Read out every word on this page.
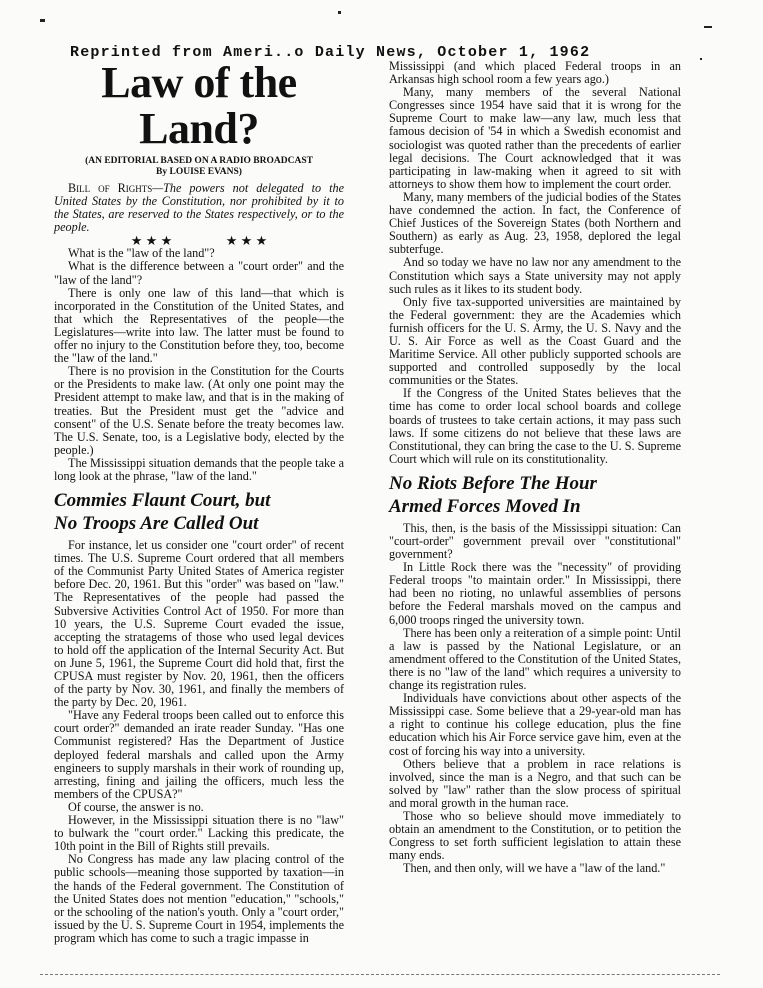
Reprinted from Ameri..o Daily News, October 1, 1962
Law of the Land?
(AN EDITORIAL BASED ON A RADIO BROADCAST
By LOUISE EVANS)

Bill of Rights—The powers not delegated to the United States by the Constitution, nor prohibited by it to the States, are reserved to the States respectively, or to the people.

★ ★ ★	★ ★ ★

What is the "law of the land"?

What is the difference between a "court order" and the "law of the land"?

There is only one law of this land—that which is incorporated in the Constitution of the United States, and that which the Representatives of the people—the Legislatures—write into law. The latter must be found to offer no injury to the Constitution before they, too, become the "law of the land."

There is no provision in the Constitution for the Courts or the Presidents to make law. (At only one point may the President attempt to make law, and that is in the making of treaties. But the President must get the "advice and consent" of the U.S. Senate before the treaty becomes law. The U.S. Senate, too, is a Legislative body, elected by the people.)

The Mississippi situation demands that the people take a long look at the phrase, "law of the land."

Commies Flaunt Court, but
No Troops Are Called Out

For instance, let us consider one "court order" of recent times. The U.S. Supreme Court ordered that all members of the Communist Party United States of America register before Dec. 20, 1961. But this "order" was based on "law." The Representatives of the people had passed the Subversive Activities Control Act of 1950. For more than 10 years, the U.S. Supreme Court evaded the issue, accepting the stratagems of those who used legal devices to hold off the application of the Internal Security Act. But on June 5, 1961, the Supreme Court did hold that, first the CPUSA must register by Nov. 20, 1961, then the officers of the party by Nov. 30, 1961, and finally the members of the party by Dec. 20, 1961.

"Have any Federal troops been called out to enforce this court order?" demanded an irate reader Sunday. "Has one Communist registered? Has the Department of Justice deployed federal marshals and called upon the Army engineers to supply marshals in their work of rounding up, arresting, fining and jailing the officers, much less the members of the CPUSA?"

Of course, the answer is no.

However, in the Mississippi situation there is no "law" to bulwark the "court order." Lacking this predicate, the 10th point in the Bill of Rights still prevails.

No Congress has made any law placing control of the public schools—meaning those supported by taxation—in the hands of the Federal government. The Constitution of the United States does not mention "education," "schools," or the schooling of the nation's youth. Only a "court order," issued by the U. S. Supreme Court in 1954, implements the program which has come to such a tragic impasse in

Mississippi (and which placed Federal troops in an Arkansas high school room a few years ago.)

Many, many members of the several National Congresses since 1954 have said that it is wrong for the Supreme Court to make law—any law, much less that famous decision of '54 in which a Swedish economist and sociologist was quoted rather than the precedents of earlier legal decisions. The Court acknowledged that it was participating in law-making when it agreed to sit with attorneys to show them how to implement the court order.

Many, many members of the judicial bodies of the States have condemned the action. In fact, the Conference of Chief Justices of the Sovereign States (both Northern and Southern) as early as Aug. 23, 1958, deplored the legal subterfuge.

And so today we have no law nor any amendment to the Constitution which says a State university may not apply such rules as it likes to its student body.

Only five tax-supported universities are maintained by the Federal government: they are the Academies which furnish officers for the U. S. Army, the U. S. Navy and the U. S. Air Force as well as the Coast Guard and the Maritime Service. All other publicly supported schools are supported and controlled supposedly by the local communities or the States.

If the Congress of the United States believes that the time has come to order local school boards and college boards of trustees to take certain actions, it may pass such laws. If some citizens do not believe that these laws are Constitutional, they can bring the case to the U. S. Supreme Court which will rule on its constitutionality.

No Riots Before The Hour
Armed Forces Moved In

This, then, is the basis of the Mississippi situation: Can "court-order" government prevail over "constitutional" government?

In Little Rock there was the "necessity" of providing Federal troops "to maintain order." In Mississippi, there had been no rioting, no unlawful assemblies of persons before the Federal marshals moved on the campus and 6,000 troops ringed the university town.

There has been only a reiteration of a simple point: Until a law is passed by the National Legislature, or an amendment offered to the Constitution of the United States, there is no "law of the land" which requires a university to change its registration rules.

Individuals have convictions about other aspects of the Mississippi case. Some believe that a 29-year-old man has a right to continue his college education, plus the fine education which his Air Force service gave him, even at the cost of forcing his way into a university.

Others believe that a problem in race relations is involved, since the man is a Negro, and that such can be solved by "law" rather than the slow process of spiritual and moral growth in the human race.

Those who so believe should move immediately to obtain an amendment to the Constitution, or to petition the Congress to set forth sufficient legislation to attain these many ends.

Then, and then only, will we have a "law of the land."
